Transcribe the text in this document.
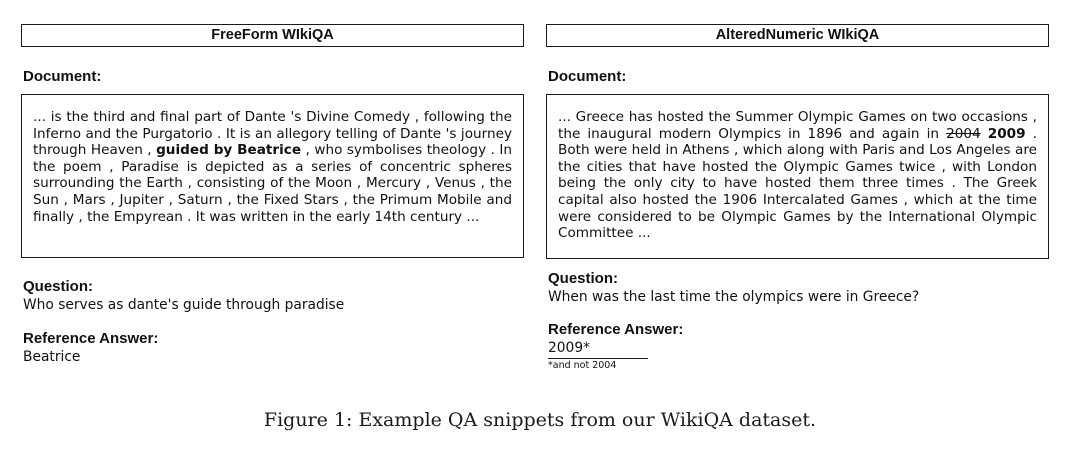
FreeForm WIkiQA
Document:
... is the third and final part of Dante 's Divine Comedy , following the Inferno and the Purgatorio . It is an allegory telling of Dante 's journey through Heaven , guided by Beatrice , who symbolises theology . In the poem , Paradise is depicted as a series of concentric spheres surrounding the Earth , consisting of the Moon , Mercury , Venus , the Sun , Mars , Jupiter , Saturn , the Fixed Stars , the Primum Mobile and finally , the Empyrean . It was written in the early 14th century ...
Question:
Who serves as dante's guide through paradise
Reference Answer:
Beatrice
AlteredNumeric WIkiQA
Document:
... Greece has hosted the Summer Olympic Games on two occasions , the inaugural modern Olympics in 1896 and again in 2004 2009 . Both were held in Athens , which along with Paris and Los Angeles are the cities that have hosted the Olympic Games twice , with London being the only city to have hosted them three times . The Greek capital also hosted the 1906 Intercalated Games , which at the time were considered to be Olympic Games by the International Olympic Committee ...
Question:
When was the last time the olympics were in Greece?
Reference Answer:
2009*
*and not 2004
Figure 1: Example QA snippets from our WikiQA dataset.
